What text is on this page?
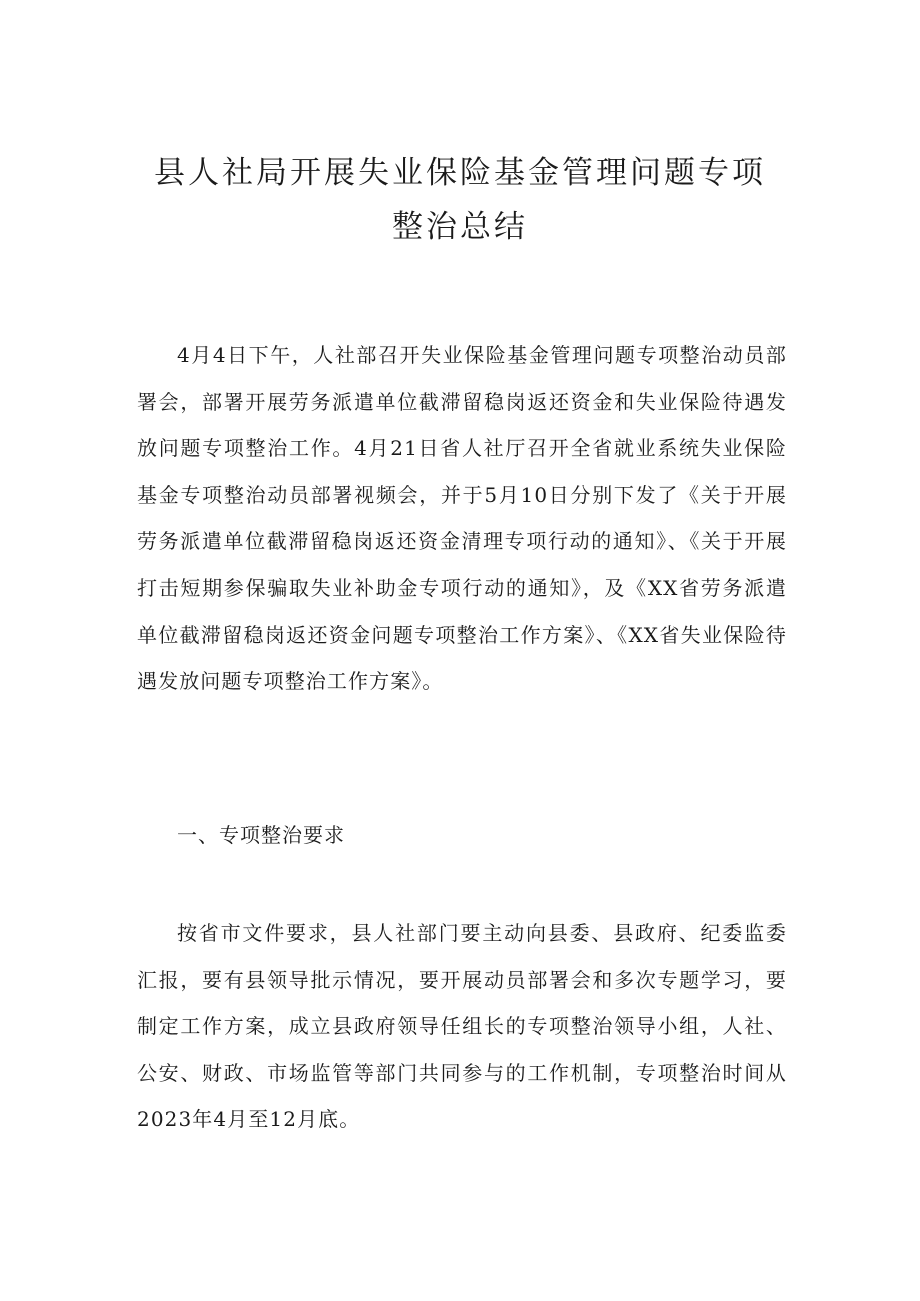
县人社局开展失业保险基金管理问题专项
整治总结

4月4日下午，人社部召开失业保险基金管理问题专项整治动员部署会，部署开展劳务派遣单位截滞留稳岗返还资金和失业保险待遇发放问题专项整治工作。4月21日省人社厅召开全省就业系统失业保险基金专项整治动员部署视频会，并于5月10日分别下发了《关于开展劳务派遣单位截滞留稳岗返还资金清理专项行动的通知》、《关于开展打击短期参保骗取失业补助金专项行动的通知》，及《XX省劳务派遣单位截滞留稳岗返还资金问题专项整治工作方案》、《XX省失业保险待遇发放问题专项整治工作方案》。

一、专项整治要求

按省市文件要求，县人社部门要主动向县委、县政府、纪委监委汇报，要有县领导批示情况，要开展动员部署会和多次专题学习，要制定工作方案，成立县政府领导任组长的专项整治领导小组，人社、公安、财政、市场监管等部门共同参与的工作机制，专项整治时间从2023年4月至12月底。
